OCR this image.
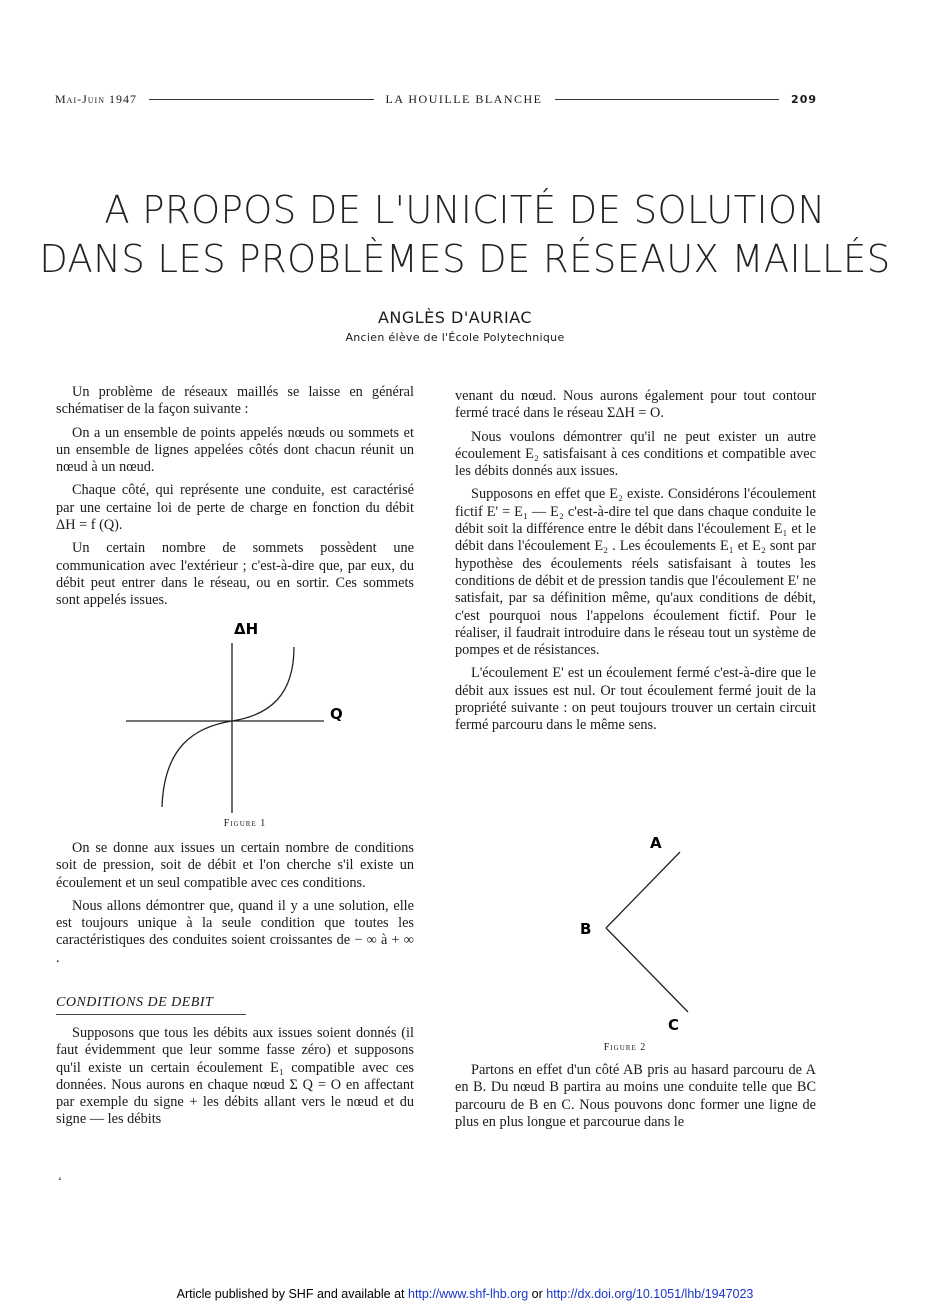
Mai-Juin 1947	LA HOUILLE BLANCHE	209
A PROPOS DE L'UNICITÉ DE SOLUTION
DANS LES PROBLÈMES DE RÉSEAUX MAILLÉS
ANGLÈS D'AURIAC
Ancien élève de l'École Polytechnique

Un problème de réseaux maillés se laisse en général schématiser de la façon suivante :

On a un ensemble de points appelés nœuds ou sommets et un ensemble de lignes appelées côtés dont chacun réunit un nœud à un nœud.

Chaque côté, qui représente une conduite, est caractérisé par une certaine loi de perte de charge en fonction du débit ΔH = f (Q).

Un certain nombre de sommets possèdent une communication avec l'extérieur ; c'est-à-dire que, par eux, du débit peut entrer dans le réseau, ou en sortir. Ces sommets sont appelés issues.

ΔH
Q
Figure 1

On se donne aux issues un certain nombre de conditions soit de pression, soit de débit et l'on cherche s'il existe un écoulement et un seul compatible avec ces conditions.

Nous allons démontrer que, quand il y a une solution, elle est toujours unique à la seule condition que toutes les caractéristiques des conduites soient croissantes de − ∞ à + ∞ .

CONDITIONS DE DEBIT

Supposons que tous les débits aux issues soient donnés (il faut évidemment que leur somme fasse zéro) et supposons qu'il existe un certain écoulement E₁ compatible avec ces données. Nous aurons en chaque nœud Σ Q = O en affectant par exemple du signe + les débits allant vers le nœud et du signe — les débits

venant du nœud. Nous aurons également pour tout contour fermé tracé dans le réseau ΣΔH = O.

Nous voulons démontrer qu'il ne peut exister un autre écoulement E₂ satisfaisant à ces conditions et compatible avec les débits donnés aux issues.

Supposons en effet que E₂ existe. Considérons l'écoulement fictif E' = E₁ — E₂ c'est-à-dire tel que dans chaque conduite le débit soit la différence entre le débit dans l'écoulement E₁ et le débit dans l'écoulement E₂ . Les écoulements E₁ et E₂ sont par hypothèse des écoulements réels satisfaisant à toutes les conditions de débit et de pression tandis que l'écoulement E' ne satisfait, par sa définition même, qu'aux conditions de débit, c'est pourquoi nous l'appelons écoulement fictif. Pour le réaliser, il faudrait introduire dans le réseau tout un système de pompes et de résistances.

L'écoulement E' est un écoulement fermé c'est-à-dire que le débit aux issues est nul. Or tout écoulement fermé jouit de la propriété suivante : on peut toujours trouver un certain circuit fermé parcouru dans le même sens.

A
B
C
Figure 2

Partons en effet d'un côté AB pris au hasard parcouru de A en B. Du nœud B partira au moins une conduite telle que BC parcouru de B en C. Nous pouvons donc former une ligne de plus en plus longue et parcourue dans le

ʻ
Article published by SHF and available at http://www.shf-lhb.org or http://dx.doi.org/10.1051/lhb/1947023
